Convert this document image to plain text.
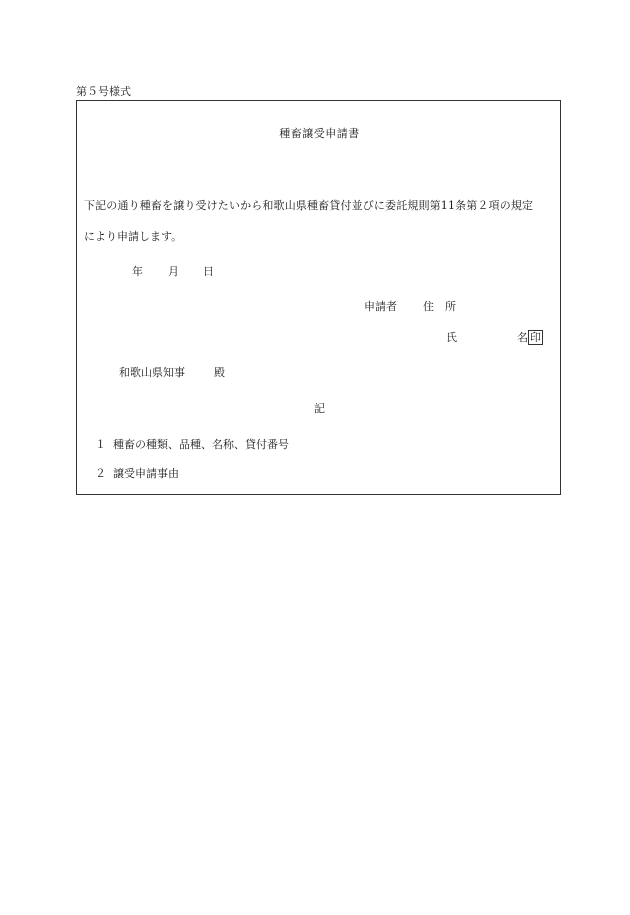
第５号様式
種畜譲受申請書
下記の通り種畜を譲り受けたいから和歌山県種畜貸付並びに委託規則第11条第２項の規定
により申請します。
年 月 日
申請者 住　所
氏	名 印
和歌山県知事	殿
記
１ 種畜の種類、品種、名称、貸付番号
２ 譲受申請事由
